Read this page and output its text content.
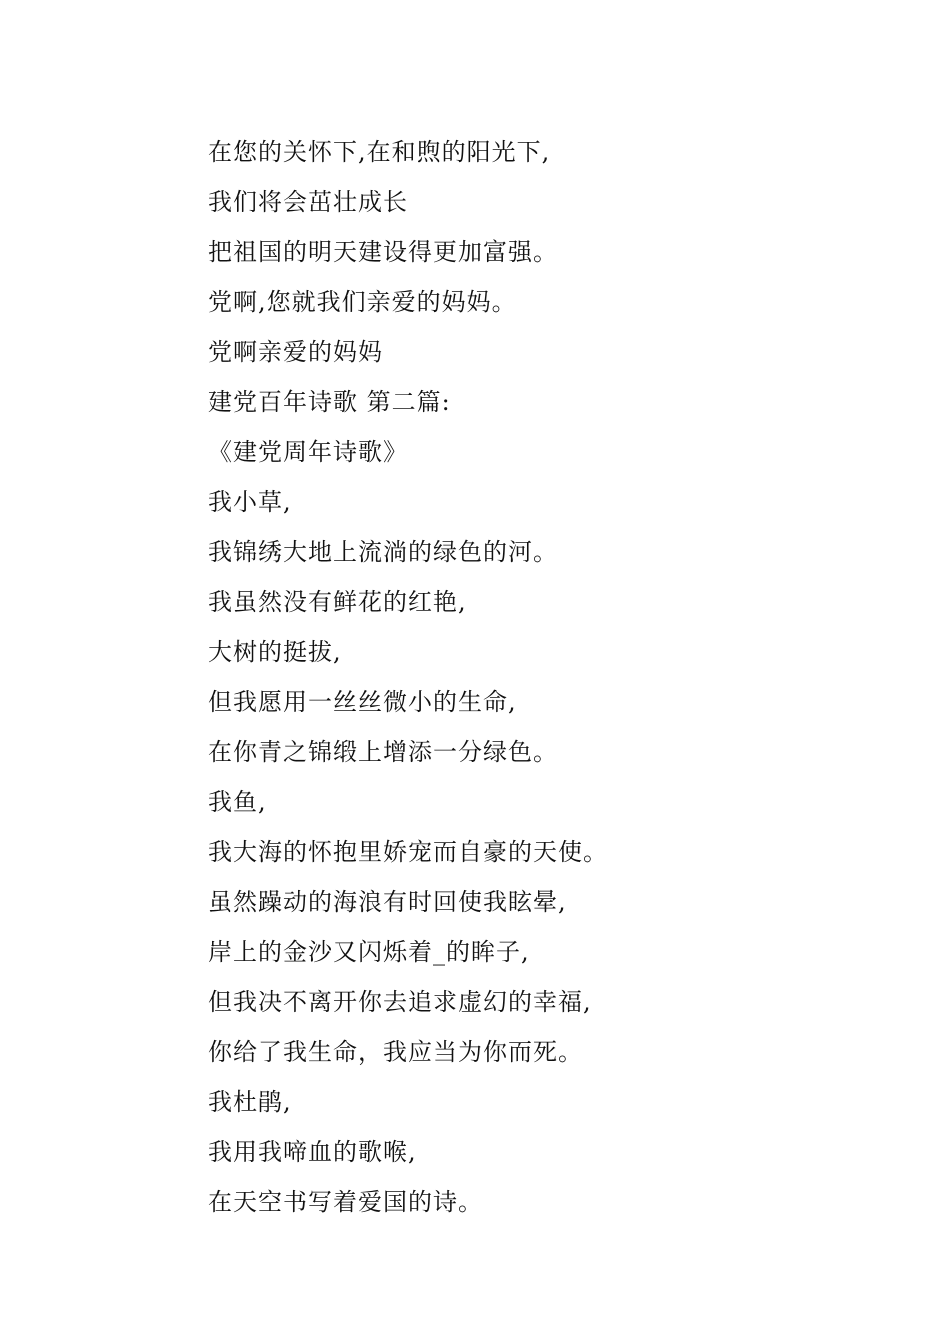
在您的关怀下,在和煦的阳光下,
我们将会茁壮成长
把祖国的明天建设得更加富强。
党啊,您就我们亲爱的妈妈。
党啊亲爱的妈妈
建党百年诗歌 第二篇:
《建党周年诗歌》
我小草,
我锦绣大地上流淌的绿色的河。
我虽然没有鲜花的红艳,
大树的挺拔,
但我愿用一丝丝微小的生命,
在你青之锦缎上增添一分绿色。
我鱼,
我大海的怀抱里娇宠而自豪的天使。
虽然躁动的海浪有时回使我眩晕,
岸上的金沙又闪烁着_的眸子,
但我决不离开你去追求虚幻的幸福,
你给了我生命，我应当为你而死。
我杜鹃,
我用我啼血的歌喉,
在天空书写着爱国的诗。
